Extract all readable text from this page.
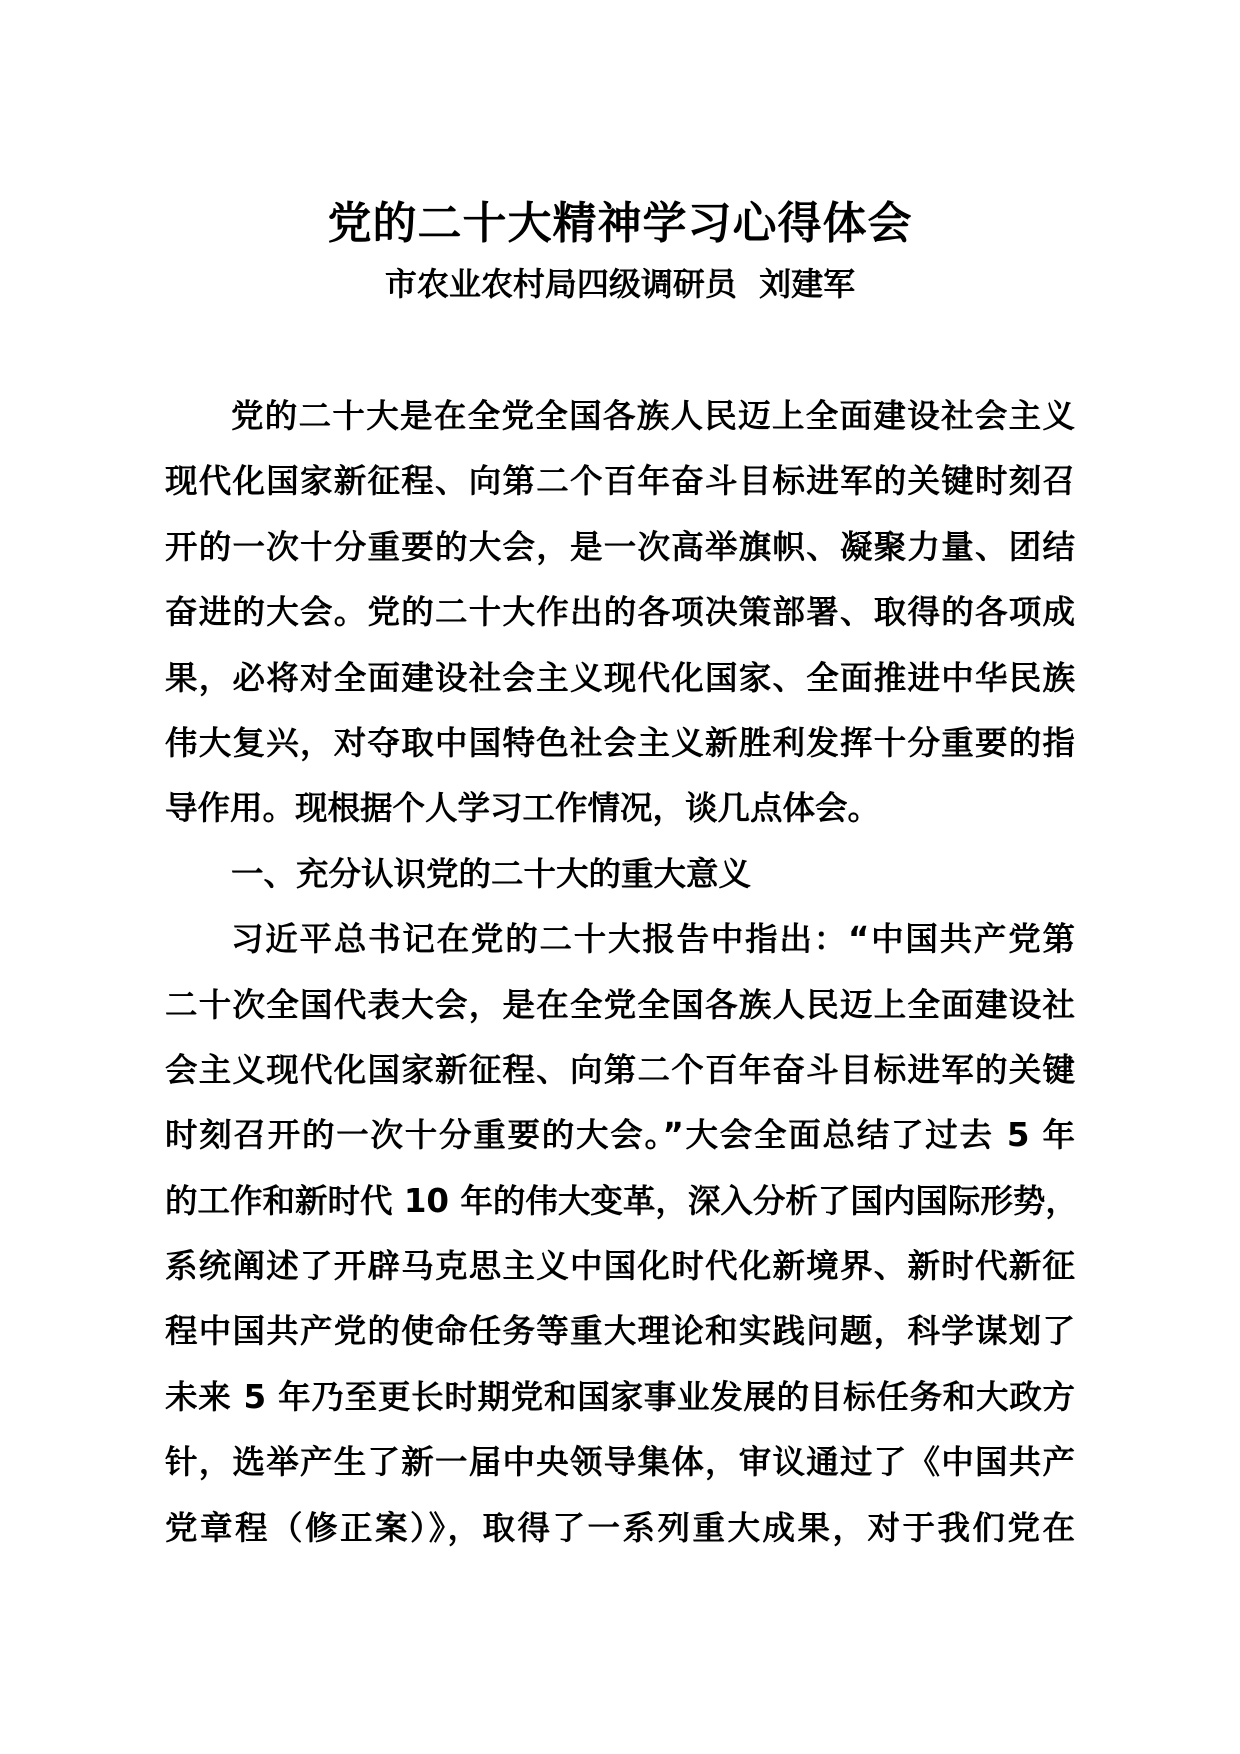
党的二十大精神学习心得体会
市农业农村局四级调研员  刘建军
党的二十大是在全党全国各族人民迈上全面建设社会主义
现代化国家新征程、向第二个百年奋斗目标进军的关键时刻召
开的一次十分重要的大会，是一次高举旗帜、凝聚力量、团结
奋进的大会。党的二十大作出的各项决策部署、取得的各项成
果，必将对全面建设社会主义现代化国家、全面推进中华民族
伟大复兴，对夺取中国特色社会主义新胜利发挥十分重要的指
导作用。现根据个人学习工作情况，谈几点体会。
一、充分认识党的二十大的重大意义
习近平总书记在党的二十大报告中指出：“中国共产党第
二十次全国代表大会，是在全党全国各族人民迈上全面建设社
会主义现代化国家新征程、向第二个百年奋斗目标进军的关键
时刻召开的一次十分重要的大会。”大会全面总结了过去 5 年
的工作和新时代 10 年的伟大变革，深入分析了国内国际形势，
系统阐述了开辟马克思主义中国化时代化新境界、新时代新征
程中国共产党的使命任务等重大理论和实践问题，科学谋划了
未来 5 年乃至更长时期党和国家事业发展的目标任务和大政方
针，选举产生了新一届中央领导集体，审议通过了《中国共产
党章程（修正案）》，取得了一系列重大成果，对于我们党在
